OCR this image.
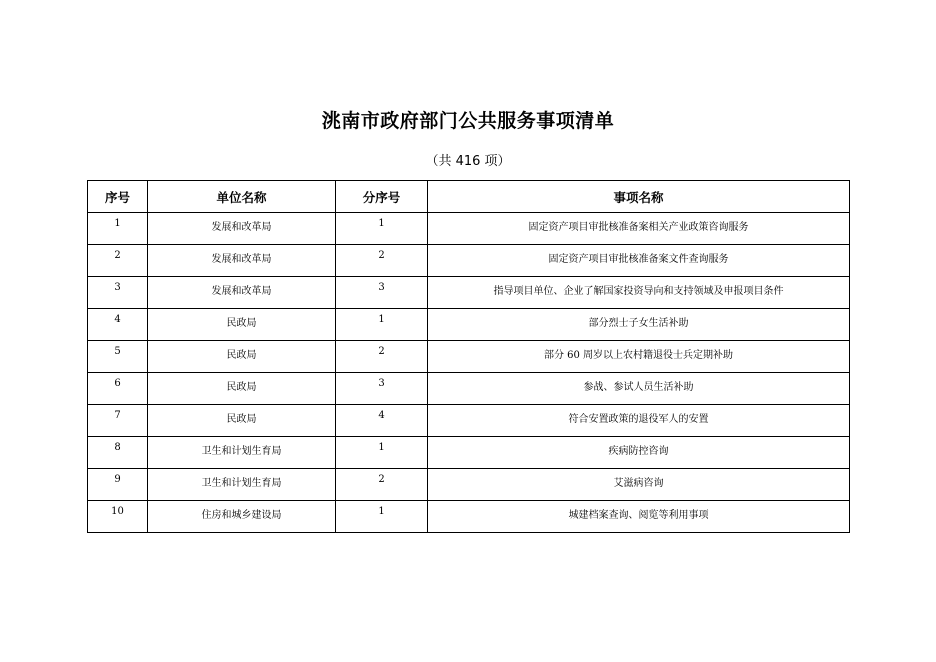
洮南市政府部门公共服务事项清单
（共 416 项）
序号	单位名称	分序号	事项名称
1	发展和改革局	1	固定资产项目审批核准备案相关产业政策咨询服务
2	发展和改革局	2	固定资产项目审批核准备案文件查询服务
3	发展和改革局	3	指导项目单位、企业了解国家投资导向和支持领域及申报项目条件
4	民政局	1	部分烈士子女生活补助
5	民政局	2	部分 60 周岁以上农村籍退役士兵定期补助
6	民政局	3	参战、参试人员生活补助
7	民政局	4	符合安置政策的退役军人的安置
8	卫生和计划生育局	1	疾病防控咨询
9	卫生和计划生育局	2	艾滋病咨询
10	住房和城乡建设局	1	城建档案查询、阅览等利用事项
